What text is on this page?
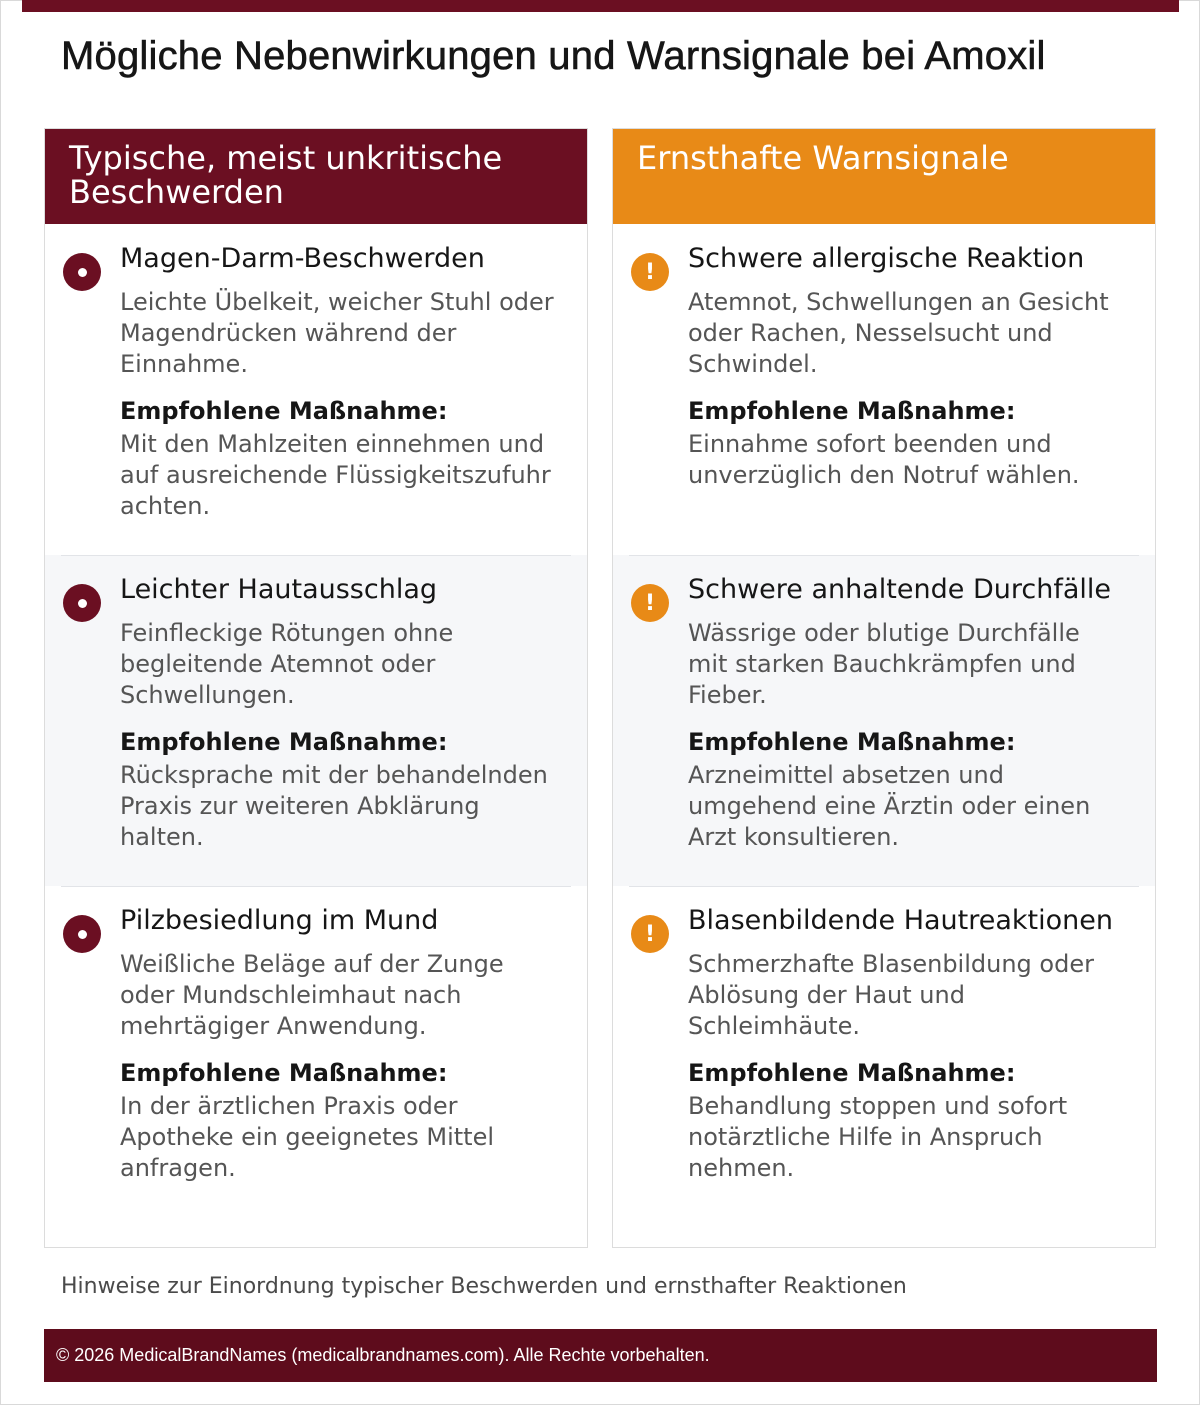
Mögliche Nebenwirkungen und Warnsignale bei Amoxil
Typische, meist unkritische Beschwerden
Magen-Darm-Beschwerden
Leichte Übelkeit, weicher Stuhl oder Magendrücken während der Einnahme.
Empfohlene Maßnahme:
Mit den Mahlzeiten einnehmen und auf ausreichende Flüssigkeitszufuhr achten.
Leichter Hautausschlag
Feinfleckige Rötungen ohne begleitende Atemnot oder Schwellungen.
Empfohlene Maßnahme:
Rücksprache mit der behandelnden Praxis zur weiteren Abklärung halten.
Pilzbesiedlung im Mund
Weißliche Beläge auf der Zunge oder Mundschleimhaut nach mehrtägiger Anwendung.
Empfohlene Maßnahme:
In der ärztlichen Praxis oder Apotheke ein geeignetes Mittel anfragen.
Ernsthafte Warnsignale
!	Schwere allergische Reaktion
Atemnot, Schwellungen an Gesicht oder Rachen, Nesselsucht und Schwindel.
Empfohlene Maßnahme:
Einnahme sofort beenden und unverzüglich den Notruf wählen.
!	Schwere anhaltende Durchfälle
Wässrige oder blutige Durchfälle mit starken Bauchkrämpfen und Fieber.
Empfohlene Maßnahme:
Arzneimittel absetzen und umgehend eine Ärztin oder einen Arzt konsultieren.
!	Blasenbildende Hautreaktionen
Schmerzhafte Blasenbildung oder Ablösung der Haut und Schleimhäute.
Empfohlene Maßnahme:
Behandlung stoppen und sofort notärztliche Hilfe in Anspruch nehmen.
Hinweise zur Einordnung typischer Beschwerden und ernsthafter Reaktionen
© 2026 MedicalBrandNames (medicalbrandnames.com). Alle Rechte vorbehalten.
